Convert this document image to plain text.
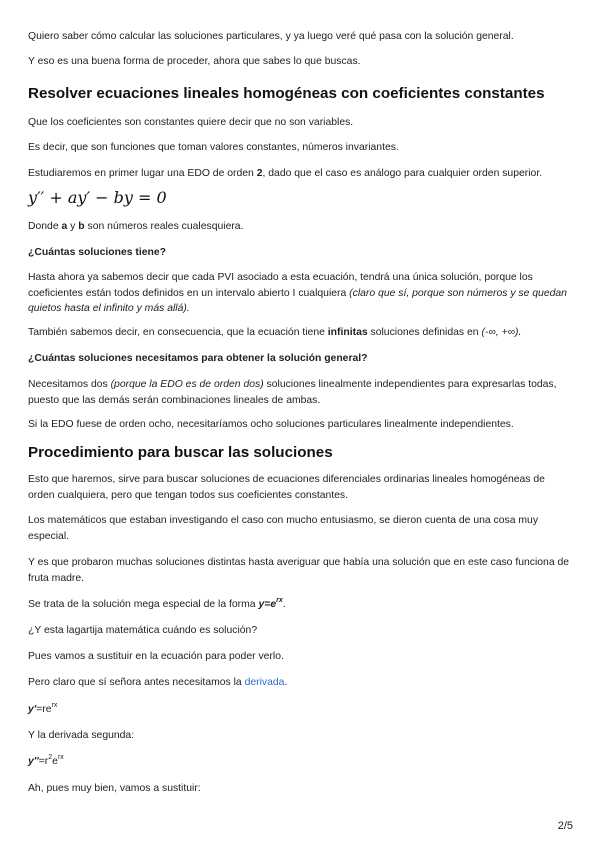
Quiero saber cómo calcular las soluciones particulares, y ya luego veré qué pasa con la solución general.

Y eso es una buena forma de proceder, ahora que sabes lo que buscas.

Resolver ecuaciones lineales homogéneas con coeficientes constantes

Que los coeficientes son constantes quiere decir que no son variables.

Es decir, que son funciones que toman valores constantes, números invariantes.

Estudiaremos en primer lugar una EDO de orden 2, dado que el caso es análogo para cualquier orden superior.

y′′ + ay′ − by = 0

Donde a y b son números reales cualesquiera.

¿Cuántas soluciones tiene?

Hasta ahora ya sabemos decir que cada PVI asociado a esta ecuación, tendrá una única solución, porque los coeficientes están todos definidos en un intervalo abierto I cualquiera (claro que sí, porque son números y se quedan quietos hasta el infinito y más allá).

También sabemos decir, en consecuencia, que la ecuación tiene infinitas soluciones definidas en (-∞, +∞).

¿Cuántas soluciones necesitamos para obtener la solución general?

Necesitamos dos (porque la EDO es de orden dos) soluciones linealmente independientes para expresarlas todas, puesto que las demás serán combinaciones lineales de ambas.

Si la EDO fuese de orden ocho, necesitaríamos ocho soluciones particulares linealmente independientes.

Procedimiento para buscar las soluciones

Esto que haremos, sirve para buscar soluciones de ecuaciones diferenciales ordinarias lineales homogéneas de orden cualquiera, pero que tengan todos sus coeficientes constantes.

Los matemáticos que estaban investigando el caso con mucho entusiasmo, se dieron cuenta de una cosa muy especial.

Y es que probaron muchas soluciones distintas hasta averiguar que había una solución que en este caso funciona de fruta madre.

Se trata de la solución mega especial de la forma $y=e^{rx}$.

¿Y esta lagartija matemática cuándo es solución?

Pues vamos a sustituir en la ecuación para poder verlo.

Pero claro que sí señora antes necesitamos la derivada.

$y'=re^{rx}$

Y la derivada segunda:

$y''=r^2e^{rx}$

Ah, pues muy bien, vamos a sustituir:

2/5
